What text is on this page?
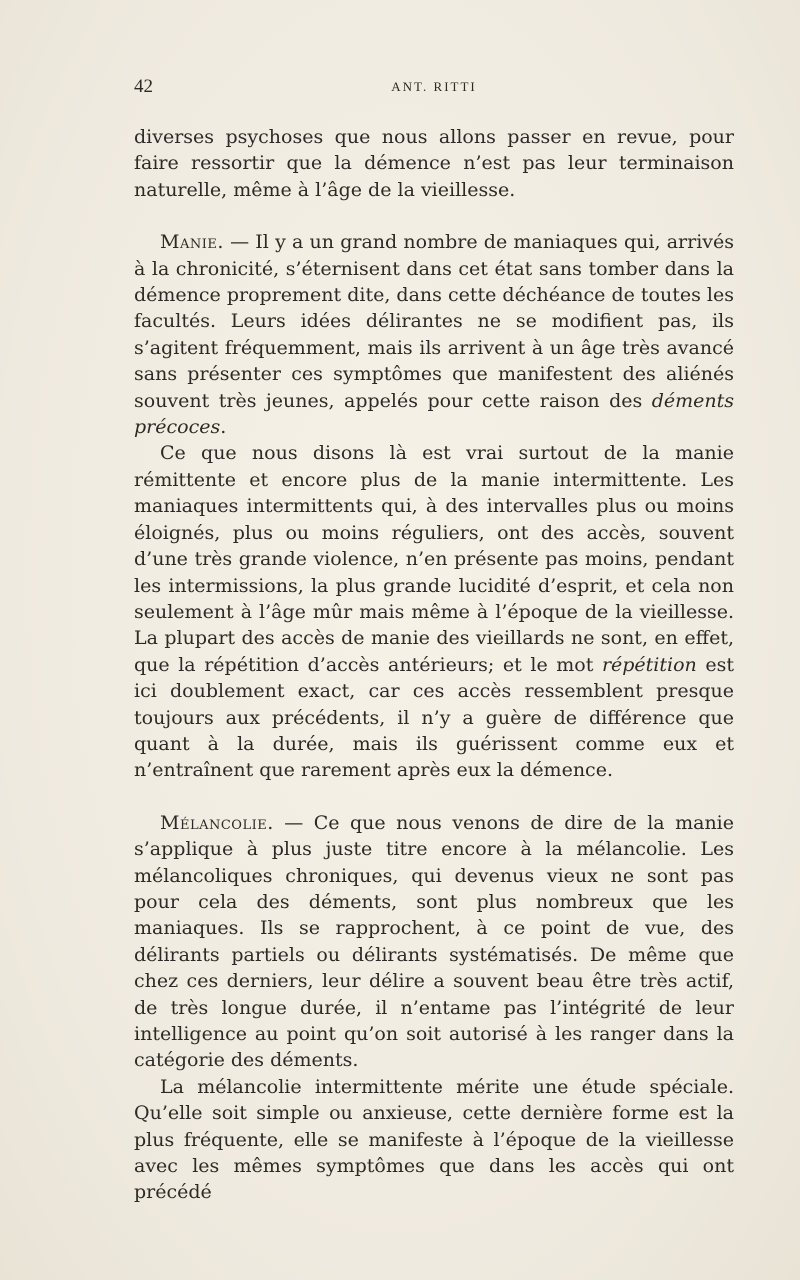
42	ANT. RITTI

diverses psychoses que nous allons passer en revue, pour faire ressortir que la démence n’est pas leur terminaison naturelle, même à l’âge de la vieillesse.

Manie. — Il y a un grand nombre de maniaques qui, arrivés à la chronicité, s’éternisent dans cet état sans tomber dans la démence proprement dite, dans cette déchéance de toutes les facultés. Leurs idées délirantes ne se modifient pas, ils s’agitent fréquemment, mais ils arrivent à un âge très avancé sans présenter ces symptômes que manifestent des aliénés souvent très jeunes, appelés pour cette raison des déments précoces.

Ce que nous disons là est vrai surtout de la manie rémittente et encore plus de la manie intermittente. Les maniaques intermittents qui, à des intervalles plus ou moins éloignés, plus ou moins réguliers, ont des accès, souvent d’une très grande violence, n’en présente pas moins, pendant les intermissions, la plus grande lucidité d’esprit, et cela non seulement à l’âge mûr mais même à l’époque de la vieillesse. La plupart des accès de manie des vieillards ne sont, en effet, que la répétition d’accès antérieurs; et le mot répétition est ici doublement exact, car ces accès ressemblent presque toujours aux précédents, il n’y a guère de différence que quant à la durée, mais ils guérissent comme eux et n’entraînent que rarement après eux la démence.

Mélancolie. — Ce que nous venons de dire de la manie s’applique à plus juste titre encore à la mélancolie. Les mélancoliques chroniques, qui devenus vieux ne sont pas pour cela des déments, sont plus nombreux que les maniaques. Ils se rapprochent, à ce point de vue, des délirants partiels ou délirants systématisés. De même que chez ces derniers, leur délire a souvent beau être très actif, de très longue durée, il n’entame pas l’intégrité de leur intelligence au point qu’on soit autorisé à les ranger dans la catégorie des déments.

La mélancolie intermittente mérite une étude spéciale. Qu’elle soit simple ou anxieuse, cette dernière forme est la plus fréquente, elle se manifeste à l’époque de la vieillesse avec les mêmes symptômes que dans les accès qui ont précédé
